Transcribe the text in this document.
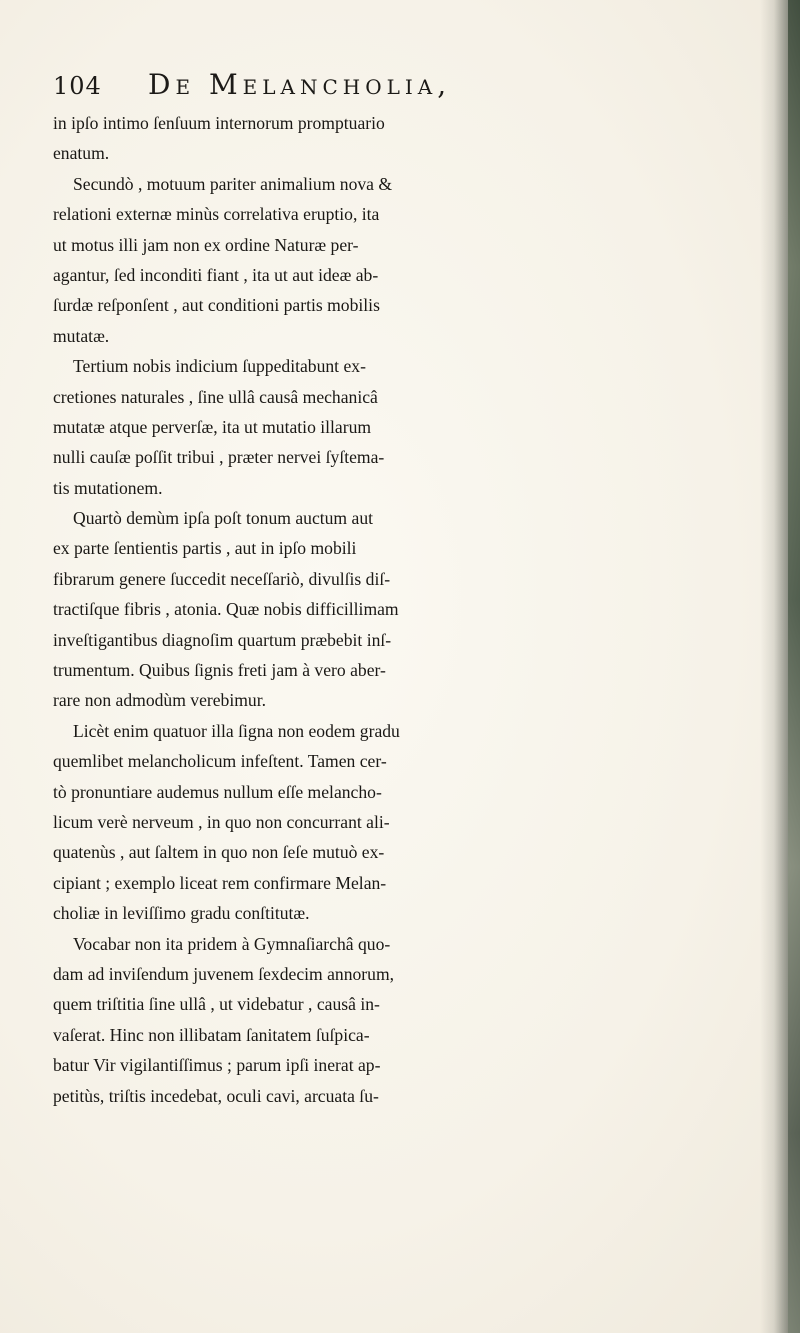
104 De Melancholia,
in ipſo intimo ſenſuum internorum promptuario
enatum.
Secundò , motuum pariter animalium nova &
relationi externæ minùs correlativa eruptio, ita
ut motus illi jam non ex ordine Naturæ per-
agantur, ſed inconditi fiant , ita ut aut ideæ ab-
ſurdæ reſponſent , aut conditioni partis mobilis
mutatæ.
Tertium nobis indicium ſuppeditabunt ex-
cretiones naturales , ſine ullâ causâ mechanicâ
mutatæ atque perverſæ, ita ut mutatio illarum
nulli cauſæ poſſit tribui , præter nervei ſyſtema-
tis mutationem.
Quartò demùm ipſa poſt tonum auctum aut
ex parte ſentientis partis , aut in ipſo mobili
fibrarum genere ſuccedit neceſſariò, divulſis diſ-
tractiſque fibris , atonia. Quæ nobis difficillimam
inveſtigantibus diagnoſim quartum præbebit inſ-
trumentum. Quibus ſignis freti jam à vero aber-
rare non admodùm verebimur.
Licèt enim quatuor illa ſigna non eodem gradu
quemlibet melancholicum infeſtent. Tamen cer-
tò pronuntiare audemus nullum eſſe melancho-
licum verè nerveum , in quo non concurrant ali-
quatenùs , aut ſaltem in quo non ſeſe mutuò ex-
cipiant ; exemplo liceat rem confirmare Melan-
choliæ in leviſſimo gradu conſtitutæ.
Vocabar non ita pridem à Gymnaſiarchâ quo-
dam ad inviſendum juvenem ſexdecim annorum,
quem triſtitia ſine ullâ , ut videbatur , causâ in-
vaſerat. Hinc non illibatam ſanitatem ſuſpica-
batur Vir vigilantiſſimus ; parum ipſi inerat ap-
petitùs, triſtis incedebat, oculi cavi, arcuata ſu-
